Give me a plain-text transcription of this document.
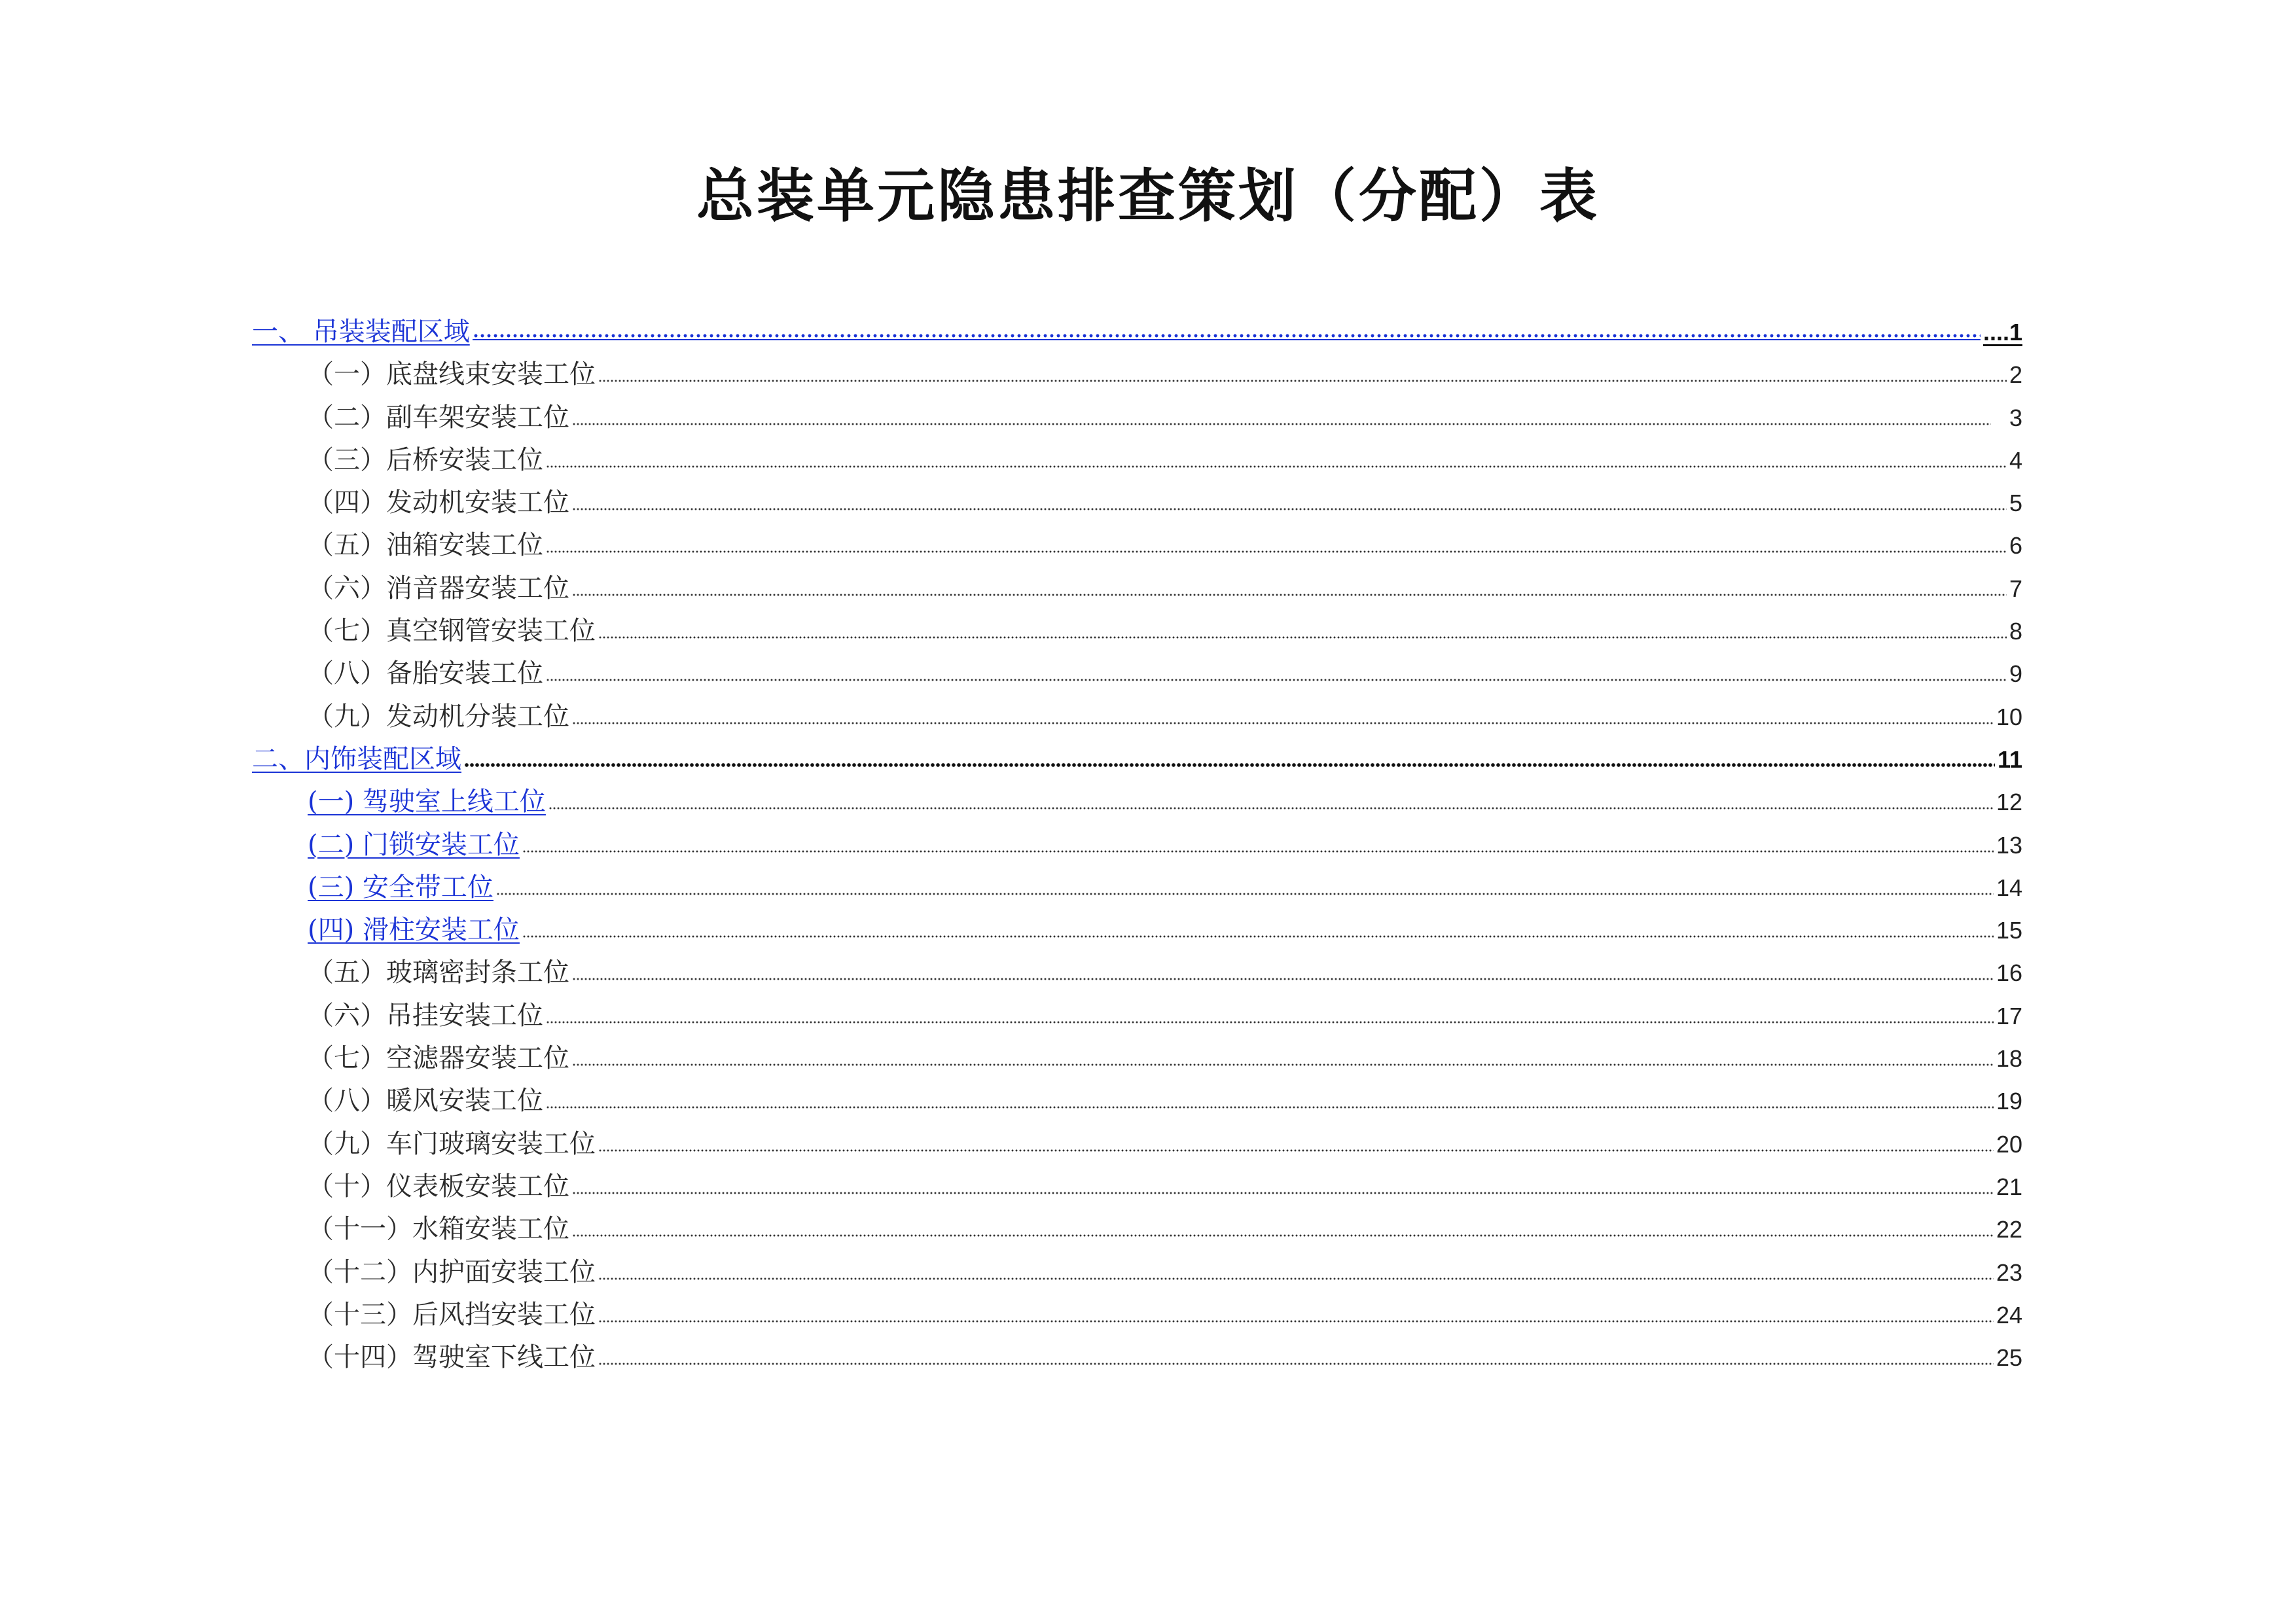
总装单元隐患排查策划（分配）表
一、 吊装装配区域	....1
（一）底盘线束安装工位	2
（二）副车架安装工位	3
（三）后桥安装工位	4
（四）发动机安装工位	5
（五）油箱安装工位	6
（六）消音器安装工位	7
（七）真空钢管安装工位	8
（八）备胎安装工位	9
（九）发动机分装工位	10
二、内饰装配区域	11
(一) 驾驶室上线工位	12
(二) 门锁安装工位	13
(三) 安全带工位	14
(四) 滑柱安装工位	15
（五）玻璃密封条工位	16
（六）吊挂安装工位	17
（七）空滤器安装工位	18
（八）暖风安装工位	19
（九）车门玻璃安装工位	20
（十）仪表板安装工位	21
（十一）水箱安装工位	22
（十二）内护面安装工位	23
（十三）后风挡安装工位	24
（十四）驾驶室下线工位	25
